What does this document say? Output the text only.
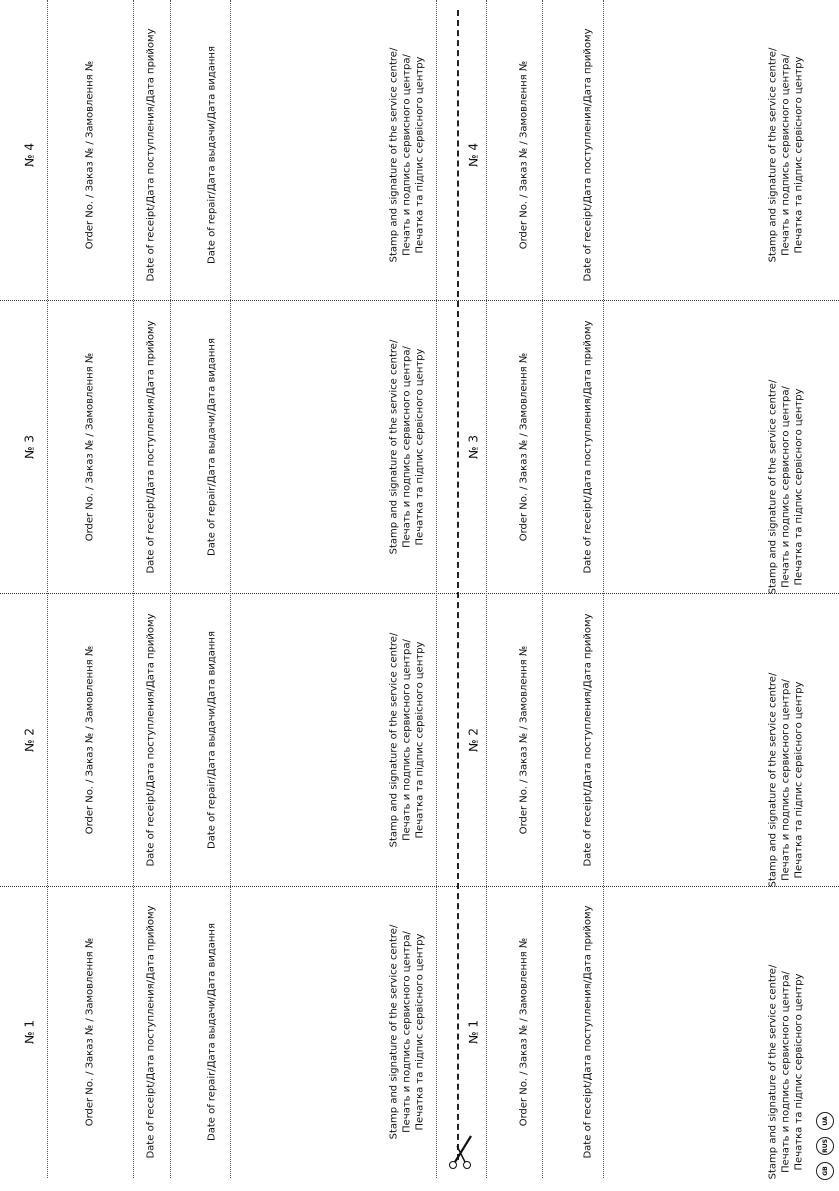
GB
RUS
UA
№ 1	Order No. / Заказ № / Замовлення №	Date of receipt/Дата поступления/Дата прийому	Date of repair/Дата выдачи/Дата видання	Stamp and signature of the service centre/ Печать и подпись сервисного центра/ Печатка та підпис сервісного центру	№ 1	Order No. / Заказ № / Замовлення №	Date of receipt/Дата поступления/Дата прийому	Stamp and signature of the service centre/ Печать и подпись сервисного центра/ Печатка та підпис сервісного центру
№ 2	Order No. / Заказ № / Замовлення №	Date of receipt/Дата поступления/Дата прийому	Date of repair/Дата выдачи/Дата видання	Stamp and signature of the service centre/ Печать и подпись сервисного центра/ Печатка та підпис сервісного центру	№ 2	Order No. / Заказ № / Замовлення №	Date of receipt/Дата поступления/Дата прийому	Stamp and signature of the service centre/ Печать и подпись сервисного центра/ Печатка та підпис сервісного центру
№ 3	Order No. / Заказ № / Замовлення №	Date of receipt/Дата поступления/Дата прийому	Date of repair/Дата выдачи/Дата видання	Stamp and signature of the service centre/ Печать и подпись сервисного центра/ Печатка та підпис сервісного центру	№ 3	Order No. / Заказ № / Замовлення №	Date of receipt/Дата поступления/Дата прийому	Stamp and signature of the service centre/ Печать и подпись сервисного центра/ Печатка та підпис сервісного центру
№ 4	Order No. / Заказ № / Замовлення №	Date of receipt/Дата поступления/Дата прийому	Date of repair/Дата выдачи/Дата видання	Stamp and signature of the service centre/ Печать и подпись сервисного центра/ Печатка та підпис сервісного центру	№ 4	Order No. / Заказ № / Замовлення №	Date of receipt/Дата поступления/Дата прийому	Stamp and signature of the service centre/ Печать и подпись сервисного центра/ Печатка та підпис сервісного центру
